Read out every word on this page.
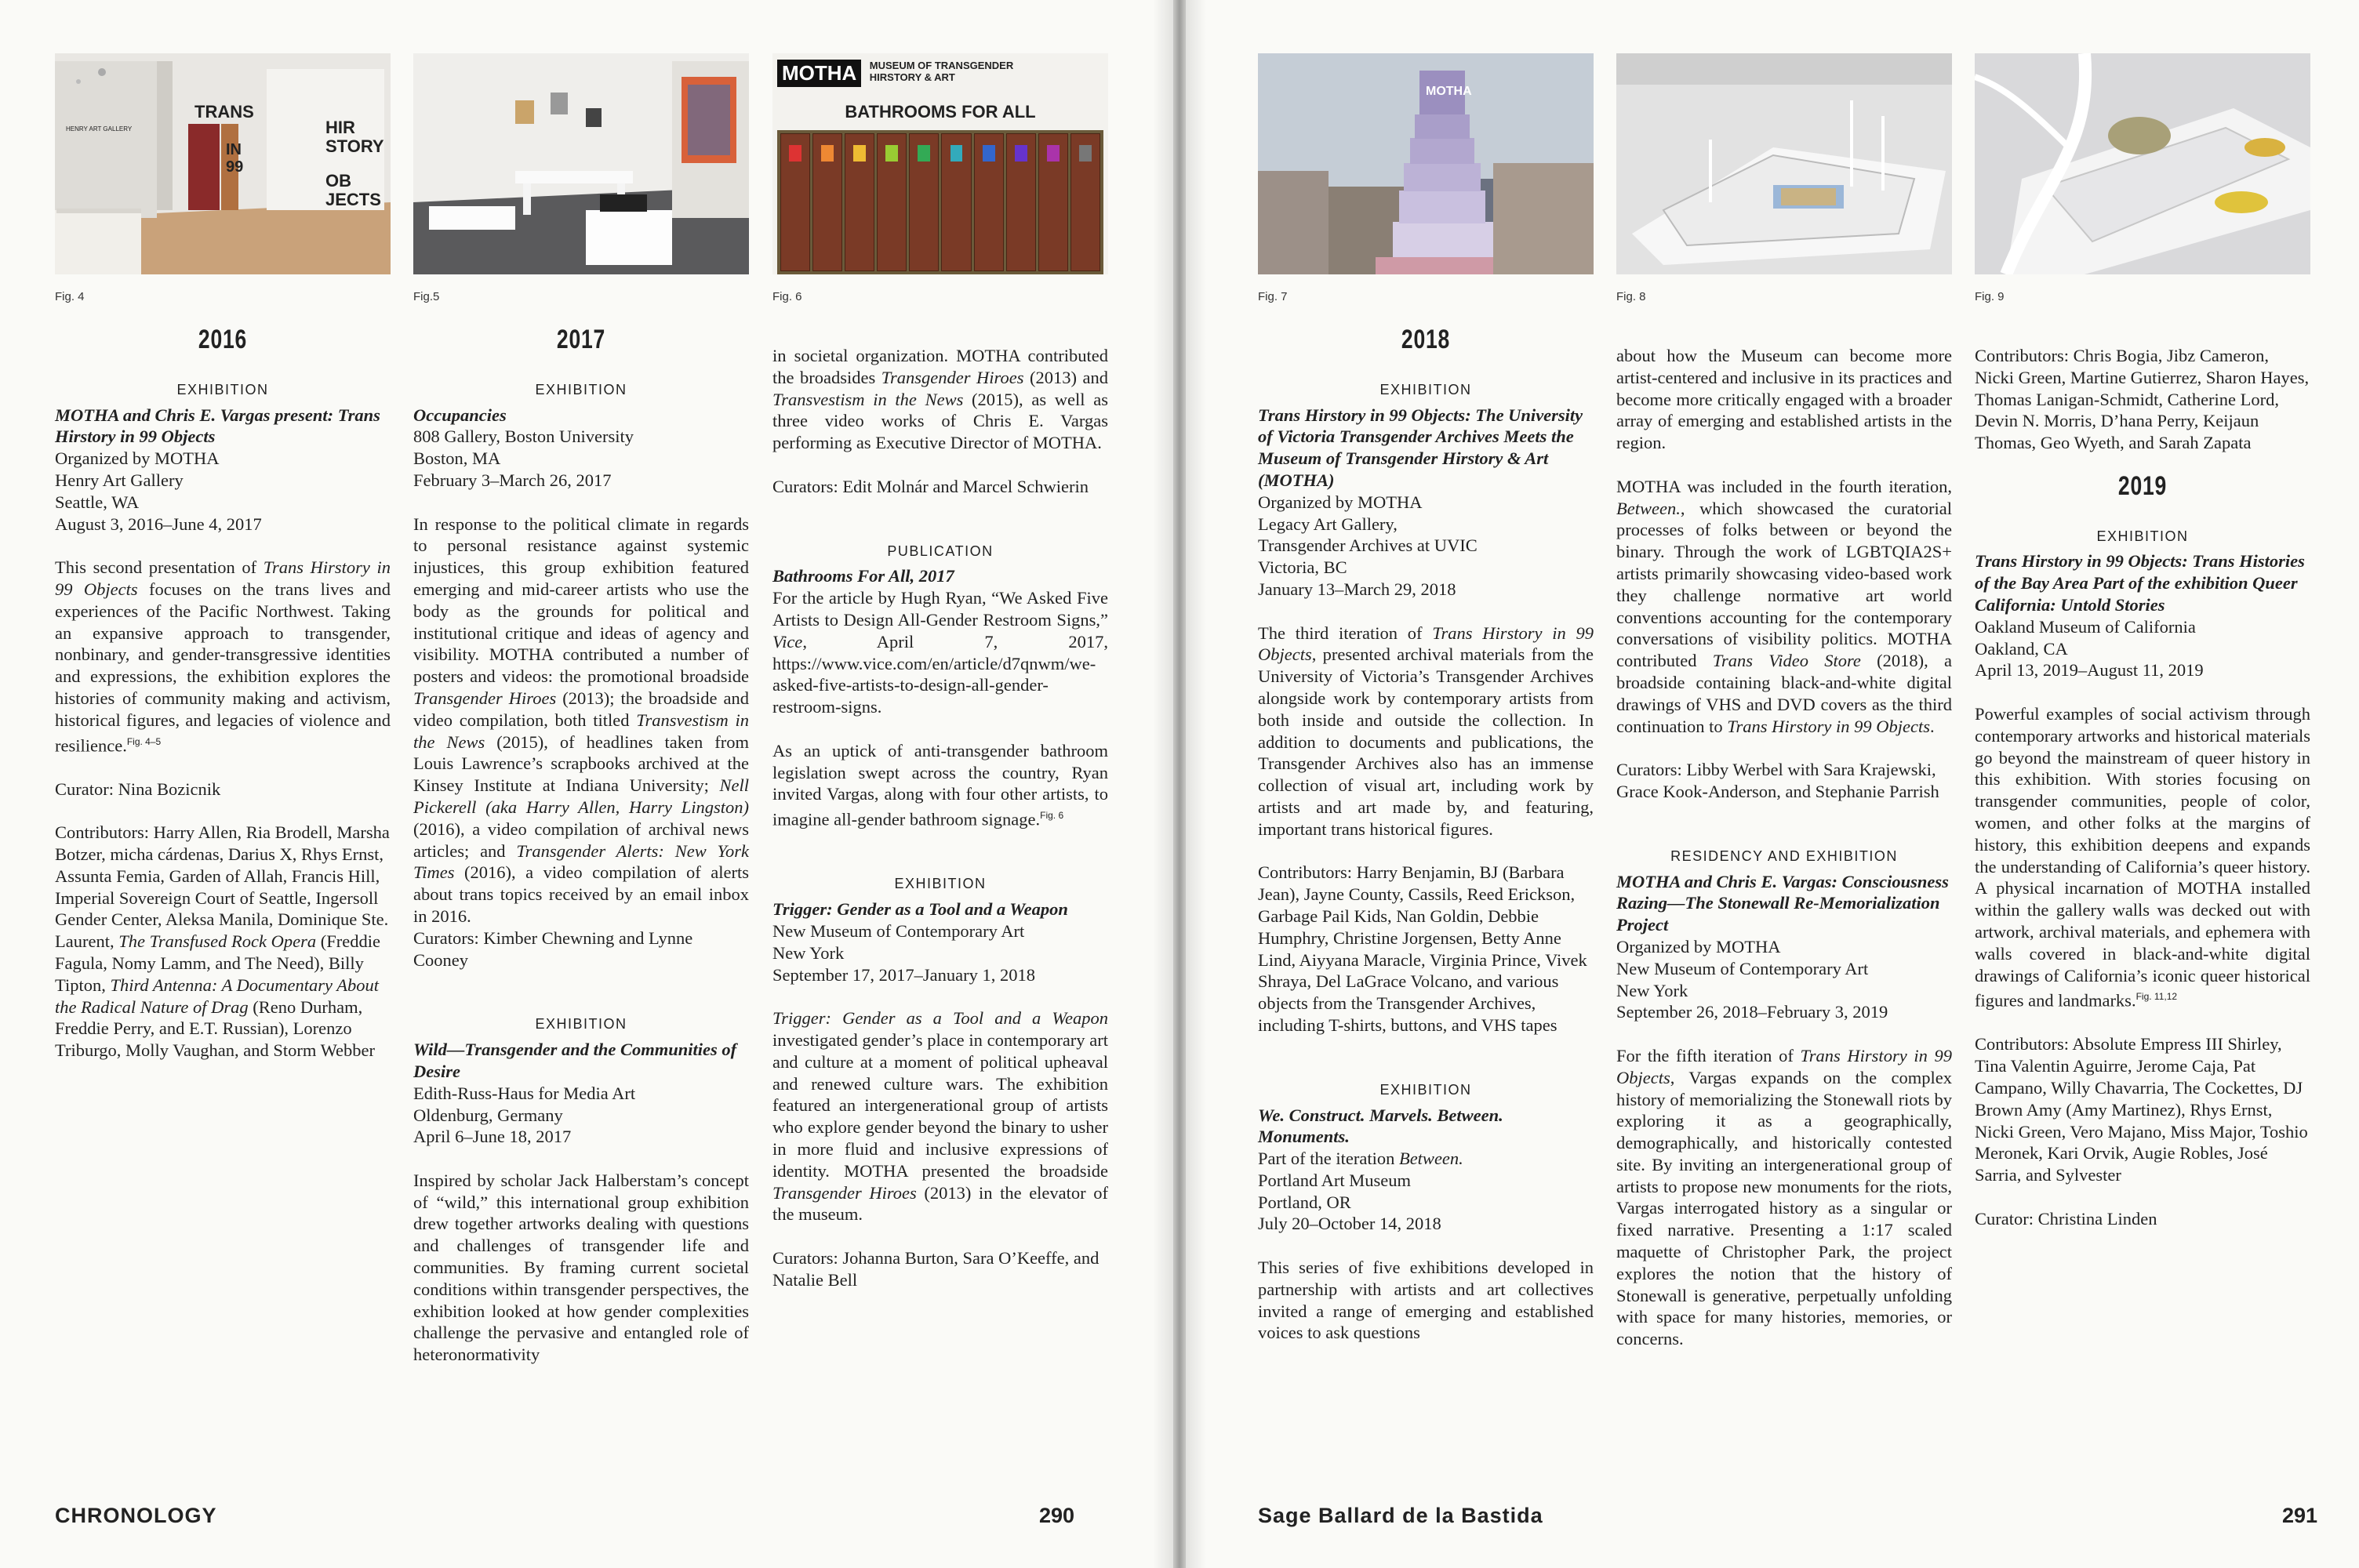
TRANS
HIR
STORY
IN
99
OB
JECTS
HENRY ART GALLERY
Fig. 4	Fig.5
MOTHA MUSEUM OF TRANSGENDER HIRSTORY & ART
BATHROOMS FOR ALL
Fig. 6
2016
EXHIBITION
MOTHA and Chris E. Vargas present: Trans Hirstory in 99 Objects
Organized by MOTHA
Henry Art Gallery
Seattle, WA
August 3, 2016–June 4, 2017

This second presentation of Trans Hirstory in 99 Objects focuses on the trans lives and experiences of the Pacific Northwest. Taking an expansive approach to transgender, nonbinary, and gender-transgressive identities and expressions, the exhibition explores the histories of community making and activism, historical figures, and legacies of violence and resilience.$^{Fig. 4-5}$

Curator: Nina Bozicnik

Contributors: Harry Allen, Ria Brodell, Marsha Botzer, micha cárdenas, Darius X, Rhys Ernst, Assunta Femia, Garden of Allah, Francis Hill, Imperial Sovereign Court of Seattle, Ingersoll Gender Center, Aleksa Manila, Dominique Ste. Laurent, The Transfused Rock Opera (Freddie Fagula, Nomy Lamm, and The Need), Billy Tipton, Third Antenna: A Documentary About the Radical Nature of Drag (Reno Durham, Freddie Perry, and E.T. Russian), Lorenzo Triburgo, Molly Vaughan, and Storm Webber

2017
EXHIBITION
Occupancies
808 Gallery, Boston University
Boston, MA
February 3–March 26, 2017

In response to the political climate in regards to personal resistance against systemic injustices, this group exhibition featured emerging and mid-career artists who use the body as the grounds for political and institutional critique and ideas of agency and visibility. MOTHA contributed a number of posters and videos: the promotional broadside Transgender Hiroes (2013); the broadside and video compilation, both titled Transvestism in the News (2015), of headlines taken from Louis Lawrence’s scrapbooks archived at the Kinsey Institute at Indiana University; Nell Pickerell (aka Harry Allen, Harry Lingston) (2016), a video compilation of archival news articles; and Transgender Alerts: New York Times (2016), a video compilation of alerts about trans topics received by an email inbox in 2016.

Curators: Kimber Chewning and Lynne Cooney

EXHIBITION
Wild—Transgender and the Communities of Desire
Edith-Russ-Haus for Media Art
Oldenburg, Germany
April 6–June 18, 2017

Inspired by scholar Jack Halberstam’s concept of “wild,” this international group exhibition drew together artworks dealing with questions and challenges of transgender life and communities. By framing current societal conditions within transgender perspectives, the exhibition looked at how gender complexities challenge the pervasive and entangled role of heteronormativity

in societal organization. MOTHA contributed the broadsides Transgender Hiroes (2013) and Transvestism in the News (2015), as well as three video works of Chris E. Vargas performing as Executive Director of MOTHA.

Curators: Edit Molnár and Marcel Schwierin

PUBLICATION
Bathrooms For All, 2017

For the article by Hugh Ryan, “We Asked Five Artists to Design All-Gender Restroom Signs,” Vice, April 7, 2017, https://www.vice.com/en/article/d7qnwm/we-asked-five-artists-to-design-all-gender-restroom-signs.

As an uptick of anti-transgender bathroom legislation swept across the country, Ryan invited Vargas, along with four other artists, to imagine all-gender bathroom signage.$^{Fig. 6}$

EXHIBITION
Trigger: Gender as a Tool and a Weapon
New Museum of Contemporary Art
New York
September 17, 2017–January 1, 2018

Trigger: Gender as a Tool and a Weapon investigated gender’s place in contemporary art and culture at a moment of political upheaval and renewed culture wars. The exhibition featured an intergenerational group of artists who explore gender beyond the binary to usher in more fluid and inclusive expressions of identity. MOTHA presented the broadside Transgender Hiroes (2013) in the elevator of the museum.

Curators: Johanna Burton, Sara O’Keeffe, and Natalie Bell

CHRONOLOGY	290
MOTHA
Fig. 7	Fig. 8	Fig. 9
2018
EXHIBITION
Trans Hirstory in 99 Objects: The University of Victoria Transgender Archives Meets the Museum of Transgender Hirstory & Art (MOTHA)
Organized by MOTHA
Legacy Art Gallery,
Transgender Archives at UVIC
Victoria, BC
January 13–March 29, 2018

The third iteration of Trans Hirstory in 99 Objects, presented archival materials from the University of Victoria’s Transgender Archives alongside work by contemporary artists from both inside and outside the collection. In addition to documents and publications, the Transgender Archives also has an immense collection of visual art, including work by artists and art made by, and featuring, important trans historical figures.

Contributors: Harry Benjamin, BJ (Barbara Jean), Jayne County, Cassils, Reed Erickson, Garbage Pail Kids, Nan Goldin, Debbie Humphry, Christine Jorgensen, Betty Anne Lind, Aiyyana Maracle, Virginia Prince, Vivek Shraya, Del LaGrace Volcano, and various objects from the Transgender Archives, including T-shirts, buttons, and VHS tapes

EXHIBITION
We. Construct. Marvels. Between. Monuments.
Part of the iteration Between.
Portland Art Museum
Portland, OR
July 20–October 14, 2018

This series of five exhibitions developed in partnership with artists and art collectives invited a range of emerging and established voices to ask questions

about how the Museum can become more artist-centered and inclusive in its practices and become more critically engaged with a broader array of emerging and established artists in the region.

MOTHA was included in the fourth iteration, Between., which showcased the curatorial processes of folks between or beyond the binary. Through the work of LGBTQIA2S+ artists primarily showcasing video-based work they challenge normative art world conventions accounting for the contemporary conversations of visibility politics. MOTHA contributed Trans Video Store (2018), a broadside containing black-and-white digital drawings of VHS and DVD covers as the third continuation to Trans Hirstory in 99 Objects.

Curators: Libby Werbel with Sara Krajewski, Grace Kook-Anderson, and Stephanie Parrish

RESIDENCY AND EXHIBITION
MOTHA and Chris E. Vargas: Consciousness Razing—The Stonewall Re-Memorialization Project
Organized by MOTHA
New Museum of Contemporary Art
New York
September 26, 2018–February 3, 2019

For the fifth iteration of Trans Hirstory in 99 Objects, Vargas expands on the complex history of memorializing the Stonewall riots by exploring it as a geographically, demographically, and historically contested site. By inviting an intergenerational group of artists to propose new monuments for the riots, Vargas interrogated history as a singular or fixed narrative. Presenting a 1:17 scaled maquette of Christopher Park, the project explores the notion that the history of Stonewall is generative, perpetually unfolding with space for many histories, memories, or concerns.

Contributors: Chris Bogia, Jibz Cameron, Nicki Green, Martine Gutierrez, Sharon Hayes, Thomas Lanigan-Schmidt, Catherine Lord, Devin N. Morris, D’hana Perry, Keijaun Thomas, Geo Wyeth, and Sarah Zapata

2019
EXHIBITION
Trans Hirstory in 99 Objects: Trans Histories of the Bay Area Part of the exhibition Queer California: Untold Stories
Oakland Museum of California
Oakland, CA
April 13, 2019–August 11, 2019

Powerful examples of social activism through contemporary artworks and historical materials go beyond the mainstream of queer history in this exhibition. With stories focusing on transgender communities, people of color, women, and other folks at the margins of history, this exhibition deepens and expands the understanding of California’s queer history. A physical incarnation of MOTHA installed within the gallery walls was decked out with artwork, archival materials, and ephemera with walls covered in black-and-white digital drawings of California’s iconic queer historical figures and landmarks.$^{Fig. 11,12}$

Contributors: Absolute Empress III Shirley, Tina Valentin Aguirre, Jerome Caja, Pat Campano, Willy Chavarria, The Cockettes, DJ Brown Amy (Amy Martinez), Rhys Ernst, Nicki Green, Vero Majano, Miss Major, Toshio Meronek, Kari Orvik, Augie Robles, José Sarria, and Sylvester

Curator: Christina Linden

Sage Ballard de la Bastida	291
